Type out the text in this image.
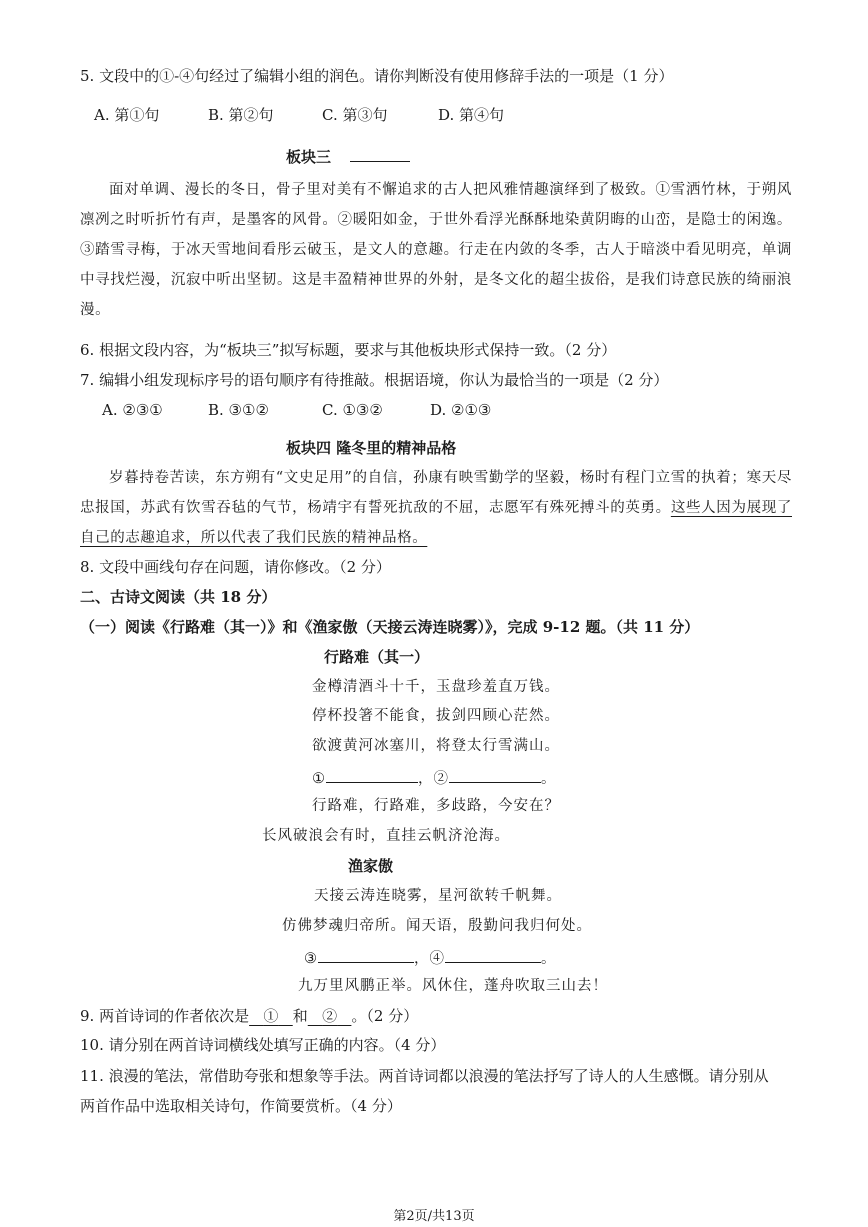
5. 文段中的①-④句经过了编辑小组的润色。请你判断没有使用修辞手法的一项是（1 分）
A. 第①句	B. 第②句	C. 第③句	D. 第④句
板块三
面对单调、漫长的冬日，骨子里对美有不懈追求的古人把风雅情趣演绎到了极致。①雪洒竹林，于朔风凛冽之时听折竹有声，是墨客的风骨。②暖阳如金，于世外看浮光酥酥地染黄阴晦的山峦，是隐士的闲逸。③踏雪寻梅，于冰天雪地间看彤云破玉，是文人的意趣。行走在内敛的冬季，古人于暗淡中看见明亮，单调中寻找烂漫，沉寂中听出坚韧。这是丰盈精神世界的外射，是冬文化的超尘拔俗，是我们诗意民族的绮丽浪漫。
6. 根据文段内容，为“板块三”拟写标题，要求与其他板块形式保持一致。（2 分）
7. 编辑小组发现标序号的语句顺序有待推敲。根据语境，你认为最恰当的一项是（2 分）
A. ②③①	B. ③①②	C. ①③②	D. ②①③
板块四 隆冬里的精神品格
岁暮持卷苦读，东方朔有“文史足用”的自信，孙康有映雪勤学的坚毅，杨时有程门立雪的执着；寒天尽忠报国，苏武有饮雪吞毡的气节，杨靖宇有誓死抗敌的不屈，志愿军有殊死搏斗的英勇。这些人因为展现了自己的志趣追求，所以代表了我们民族的精神品格。
8. 文段中画线句存在问题，请你修改。（2 分）
二、古诗文阅读（共 18 分）
（一）阅读《行路难（其一）》和《渔家傲（天接云涛连晓雾）》，完成 9-12 题。（共 11 分）
行路难（其一）
金樽清酒斗十千，玉盘珍羞直万钱。
停杯投箸不能食，拔剑四顾心茫然。
欲渡黄河冰塞川，将登太行雪满山。
①	，②	。
行路难，行路难，多歧路，今安在？
长风破浪会有时，直挂云帆济沧海。
渔家傲
天接云涛连晓雾，星河欲转千帆舞。
仿佛梦魂归帝所。闻天语，殷勤问我归何处。
③	，④	。
九万里风鹏正举。风休住，蓬舟吹取三山去！
9. 两首诗词的作者依次是 ① 和 ② 。（2 分）
10. 请分别在两首诗词横线处填写正确的内容。（4 分）
11. 浪漫的笔法，常借助夸张和想象等手法。两首诗词都以浪漫的笔法抒写了诗人的人生感慨。请分别从
两首作品中选取相关诗句，作简要赏析。（4 分）
第2页/共13页
